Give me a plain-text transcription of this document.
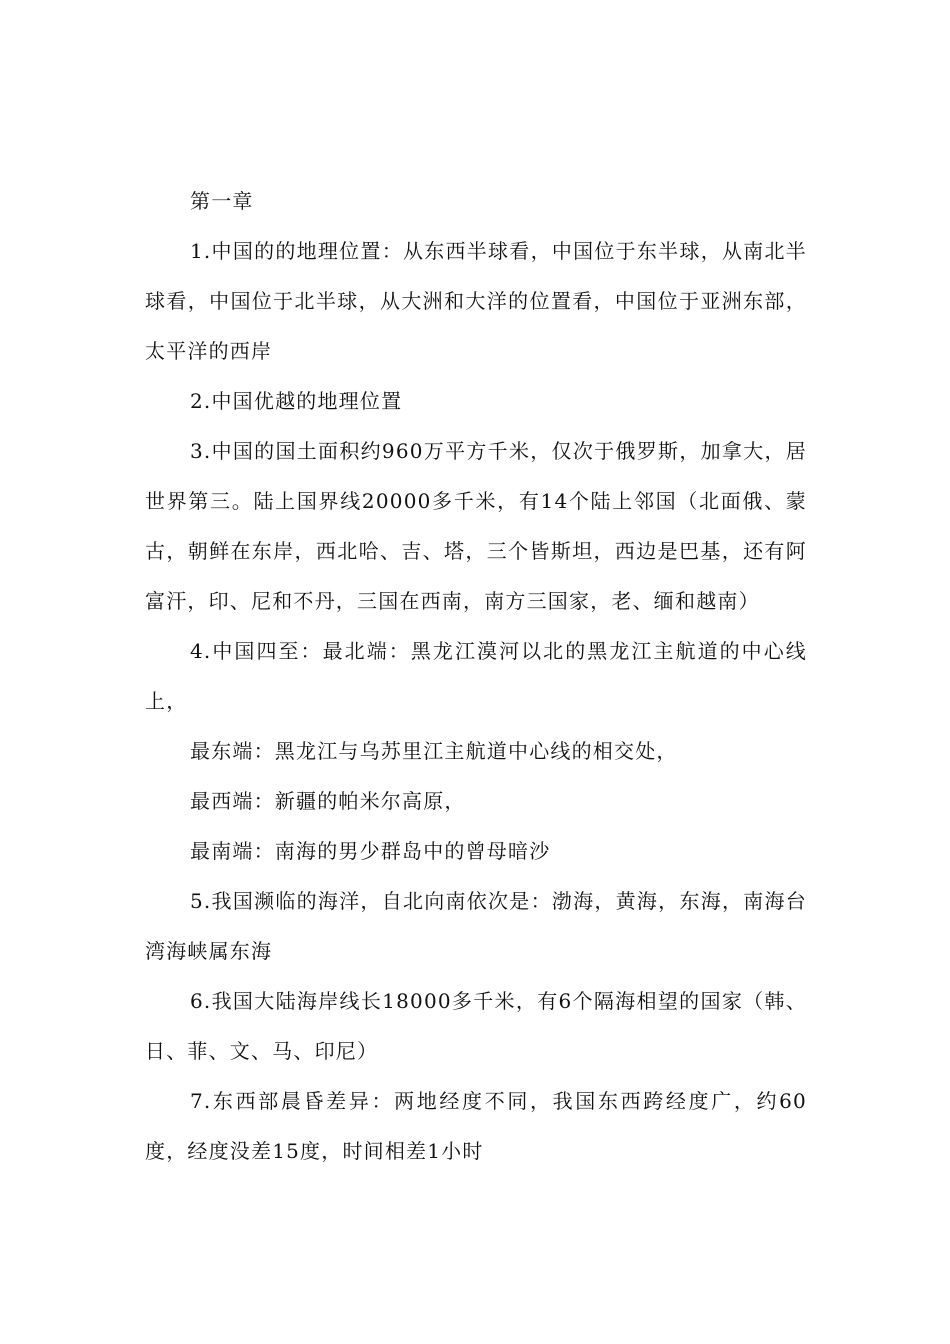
第一章

1.中国的的地理位置：从东西半球看，中国位于东半球，从南北半球看，中国位于北半球，从大洲和大洋的位置看，中国位于亚洲东部，太平洋的西岸

2.中国优越的地理位置

3.中国的国土面积约960万平方千米，仅次于俄罗斯，加拿大，居世界第三。陆上国界线20000多千米，有14个陆上邻国（北面俄、蒙古，朝鲜在东岸，西北哈、吉、塔，三个皆斯坦，西边是巴基，还有阿富汗，印、尼和不丹，三国在西南，南方三国家，老、缅和越南）

4.中国四至：最北端：黑龙江漠河以北的黑龙江主航道的中心线上，

最东端：黑龙江与乌苏里江主航道中心线的相交处，

最西端：新疆的帕米尔高原，

最南端：南海的男少群岛中的曾母暗沙

5.我国濒临的海洋，自北向南依次是：渤海，黄海，东海，南海台湾海峡属东海

6.我国大陆海岸线长18000多千米，有6个隔海相望的国家（韩、日、菲、文、马、印尼）

7.东西部晨昏差异：两地经度不同，我国东西跨经度广，约60度，经度没差15度，时间相差1小时
